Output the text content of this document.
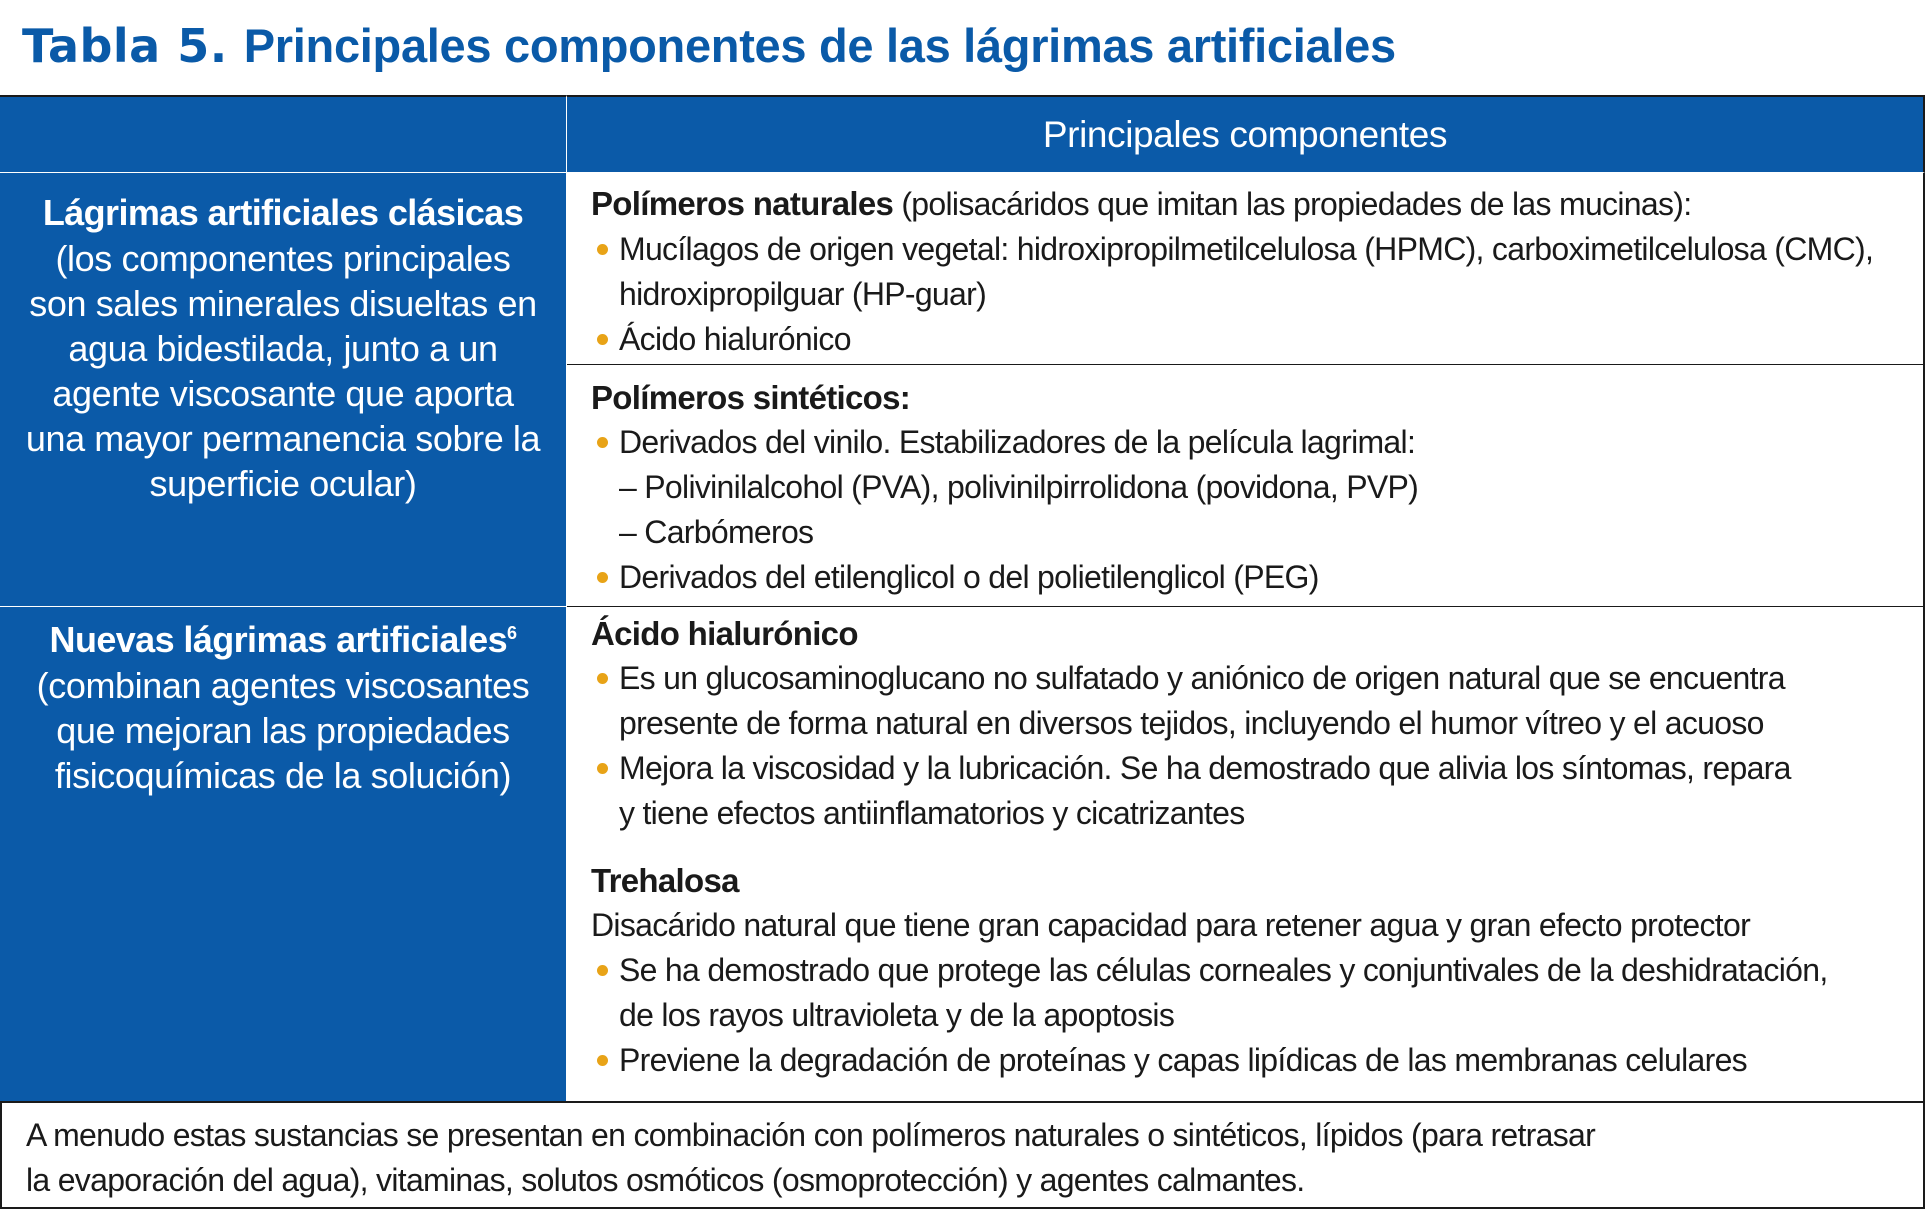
Tabla 5. Principales componentes de las lágrimas artificiales
Principales componentes
Lágrimas artificiales clásicas
(los componentes principales son sales minerales disueltas en agua bidestilada, junto a un agente viscosante que aporta una mayor permanencia sobre la superficie ocular)
Polímeros naturales (polisacáridos que imitan las propiedades de las mucinas):
Mucílagos de origen vegetal: hidroxipropilmetilcelulosa (HPMC), carboximetilcelulosa (CMC),
hidroxipropilguar (HP-guar)
Ácido hialurónico
Polímeros sintéticos:
Derivados del vinilo. Estabilizadores de la película lagrimal:
– Polivinilalcohol (PVA), polivinilpirrolidona (povidona, PVP)
– Carbómeros
Derivados del etilenglicol o del polietilenglicol (PEG)
Nuevas lágrimas artificiales$^6$
(combinan agentes viscosantes que mejoran las propiedades fisicoquímicas de la solución)
Ácido hialurónico
Es un glucosaminoglucano no sulfatado y aniónico de origen natural que se encuentra
presente de forma natural en diversos tejidos, incluyendo el humor vítreo y el acuoso
Mejora la viscosidad y la lubricación. Se ha demostrado que alivia los síntomas, repara
y tiene efectos antiinflamatorios y cicatrizantes
Trehalosa
Disacárido natural que tiene gran capacidad para retener agua y gran efecto protector
Se ha demostrado que protege las células corneales y conjuntivales de la deshidratación,
de los rayos ultravioleta y de la apoptosis
Previene la degradación de proteínas y capas lipídicas de las membranas celulares
A menudo estas sustancias se presentan en combinación con polímeros naturales o sintéticos, lípidos (para retrasar
la evaporación del agua), vitaminas, solutos osmóticos (osmoprotección) y agentes calmantes.
